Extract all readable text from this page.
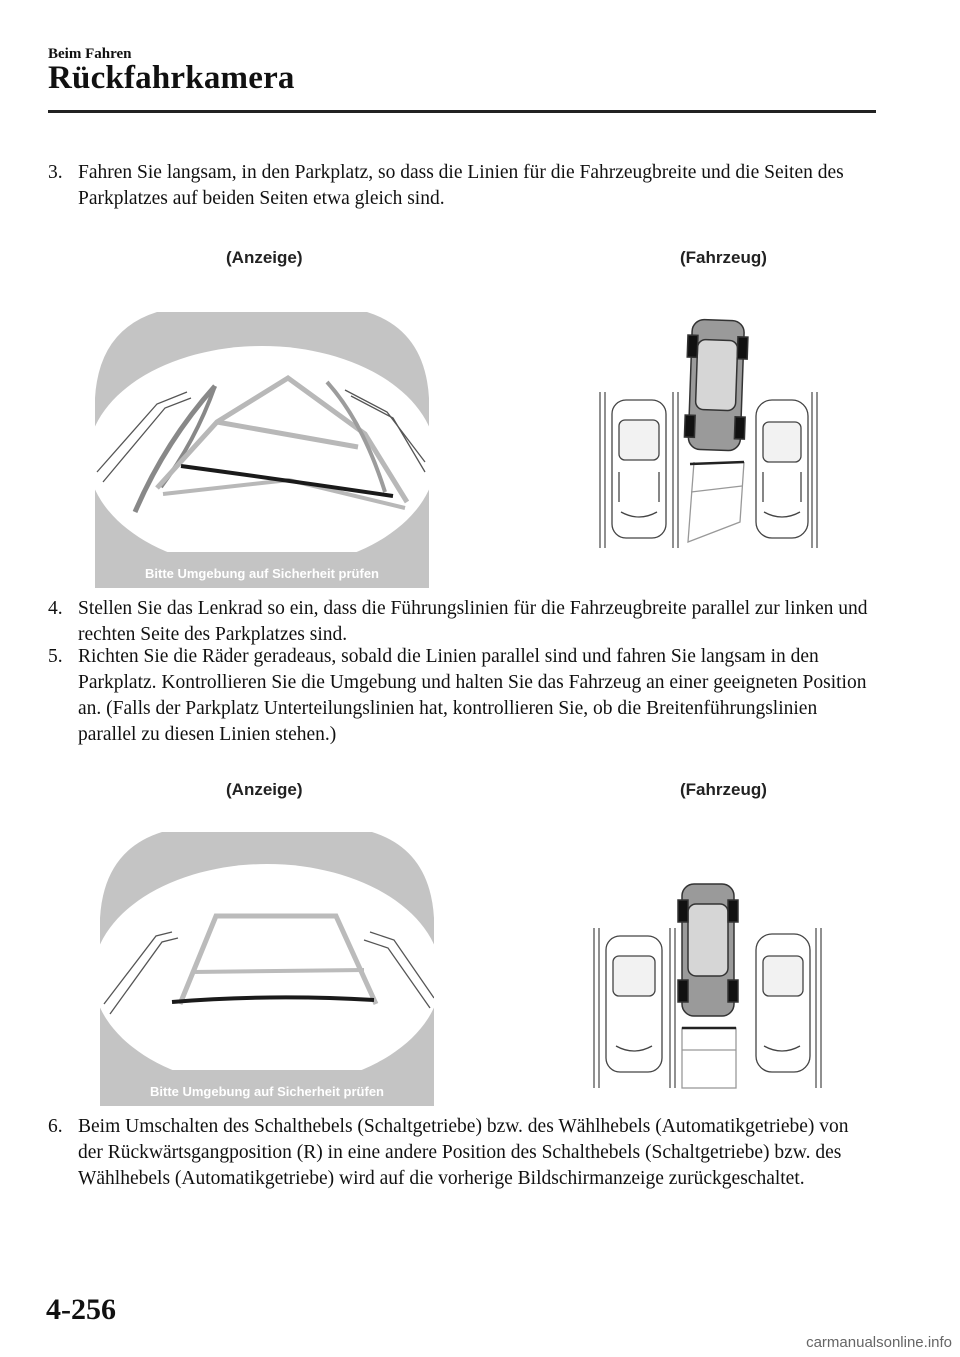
Beim Fahren
Rückfahrkamera
3. Fahren Sie langsam, in den Parkplatz, so dass die Linien für die Fahrzeugbreite und die Seiten des Parkplatzes auf beiden Seiten etwa gleich sind.
(Anzeige)	(Fahrzeug)
Bitte Umgebung auf Sicherheit prüfen
4. Stellen Sie das Lenkrad so ein, dass die Führungslinien für die Fahrzeugbreite parallel zur linken und rechten Seite des Parkplatzes sind.
5. Richten Sie die Räder geradeaus, sobald die Linien parallel sind und fahren Sie langsam in den Parkplatz. Kontrollieren Sie die Umgebung und halten Sie das Fahrzeug an einer geeigneten Position an. (Falls der Parkplatz Unterteilungslinien hat, kontrollieren Sie, ob die Breitenführungslinien parallel zu diesen Linien stehen.)
(Anzeige)	(Fahrzeug)
Bitte Umgebung auf Sicherheit prüfen
6. Beim Umschalten des Schalthebels (Schaltgetriebe) bzw. des Wählhebels (Automatikgetriebe) von der Rückwärtsgangposition (R) in eine andere Position des Schalthebels (Schaltgetriebe) bzw. des Wählhebels (Automatikgetriebe) wird auf die vorherige Bildschirmanzeige zurückgeschaltet.
4-256
carmanualsonline.info
